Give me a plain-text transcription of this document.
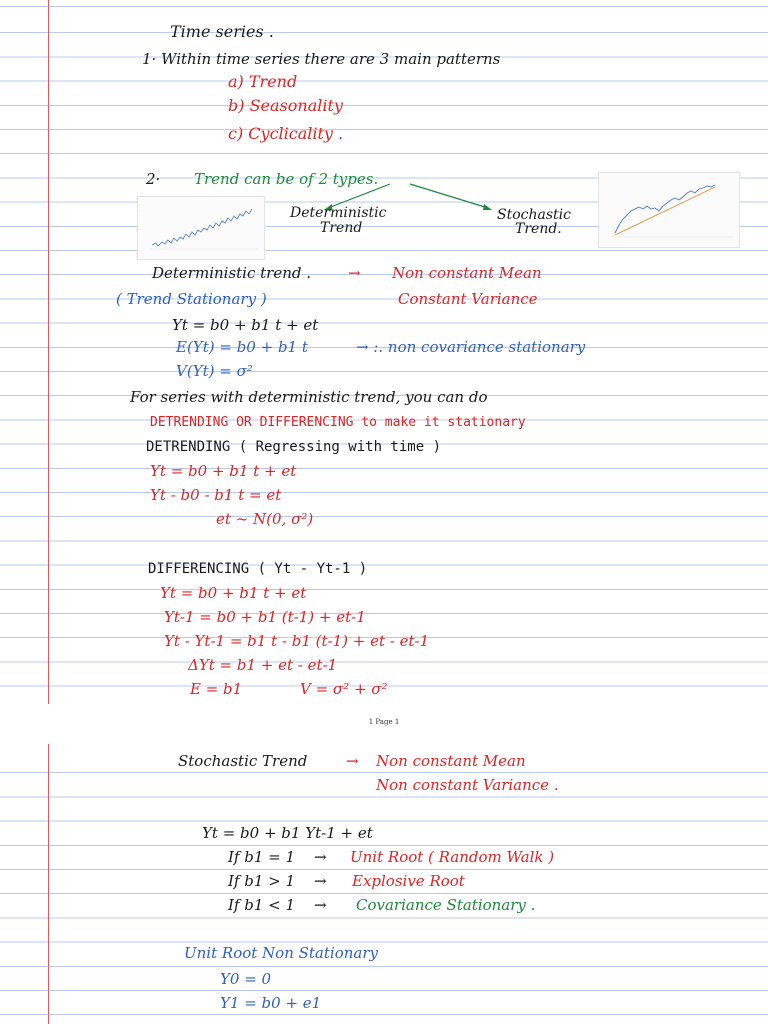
Time series .
1· Within time series there are 3 main patterns
a) Trend
b) Seasonality
c) Cyclicality .
2· Trend can be of 2 types.
··	Deterministic
Trend
Stochastic
Trend.
Deterministic trend . → Non constant Mean
( Trend Stationary )	Constant Variance
Yt = b0 + b1 t + et
E(Yt) = b0 + b1 t	→ :. non covariance stationary
V(Yt) = σ²
For series with deterministic trend, you can do
DETRENDING OR DIFFERENCING to make it stationary
DETRENDING ( Regressing with time )
Yt = b0 + b1 t + et
Yt - b0 - b1 t = et
et ~ N(0, σ²)
DIFFERENCING ( Yt - Yt-1 )
Yt = b0 + b1 t + et
Yt-1 = b0 + b1 (t-1) + et-1
Yt - Yt-1 = b1 t - b1 (t-1) + et - et-1
ΔYt = b1 + et - et-1
E = b1	V = σ² + σ²
1 Page 1
Stochastic Trend	→ Non constant Mean
Non constant Variance .
Yt = b0 + b1 Yt-1 + et
If b1 = 1 → Unit Root ( Random Walk )
If b1 > 1 → Explosive Root
If b1 < 1 → Covariance Stationary .
Unit Root Non Stationary
Y0 = 0
Y1 = b0 + e1
